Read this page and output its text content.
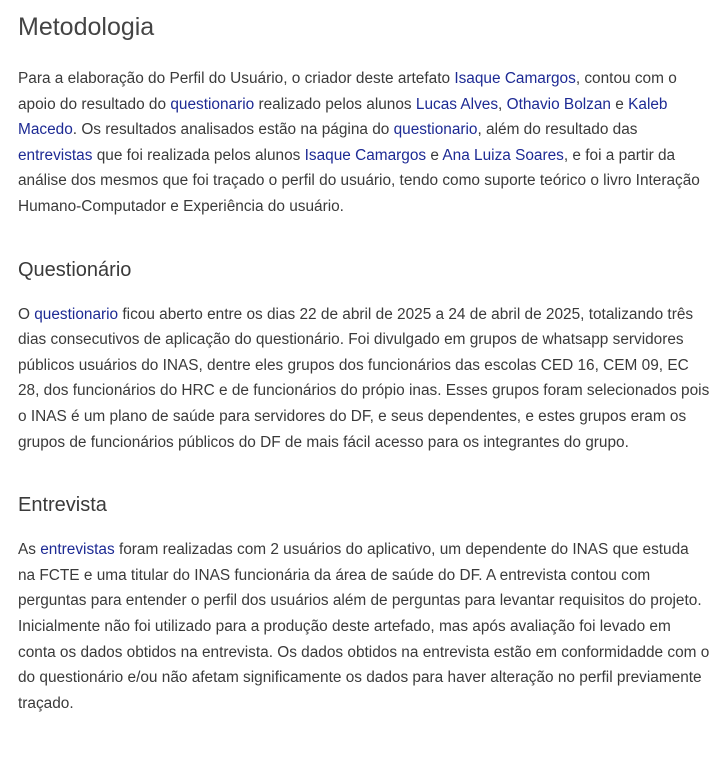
Metodologia

Para a elaboração do Perfil do Usuário, o criador deste artefato Isaque Camargos, contou com o apoio do resultado do questionario realizado pelos alunos Lucas Alves, Othavio Bolzan e Kaleb Macedo. Os resultados analisados estão na página do questionario, além do resultado das entrevistas que foi realizada pelos alunos Isaque Camargos e Ana Luiza Soares, e foi a partir da análise dos mesmos que foi traçado o perfil do usuário, tendo como suporte teórico o livro Interação Humano-Computador e Experiência do usuário.

Questionário

O questionario ficou aberto entre os dias 22 de abril de 2025 a 24 de abril de 2025, totalizando três dias consecutivos de aplicação do questionário. Foi divulgado em grupos de whatsapp servidores públicos usuários do INAS, dentre eles grupos dos funcionários das escolas CED 16, CEM 09, EC 28, dos funcionários do HRC e de funcionários do própio inas. Esses grupos foram selecionados pois o INAS é um plano de saúde para servidores do DF, e seus dependentes, e estes grupos eram os grupos de funcionários públicos do DF de mais fácil acesso para os integrantes do grupo.

Entrevista

As entrevistas foram realizadas com 2 usuários do aplicativo, um dependente do INAS que estuda na FCTE e uma titular do INAS funcionária da área de saúde do DF. A entrevista contou com perguntas para entender o perfil dos usuários além de perguntas para levantar requisitos do projeto. Inicialmente não foi utilizado para a produção deste artefado, mas após avaliação foi levado em conta os dados obtidos na entrevista. Os dados obtidos na entrevista estão em conformidadde com o do questionário e/ou não afetam significamente os dados para haver alteração no perfil previamente traçado.
